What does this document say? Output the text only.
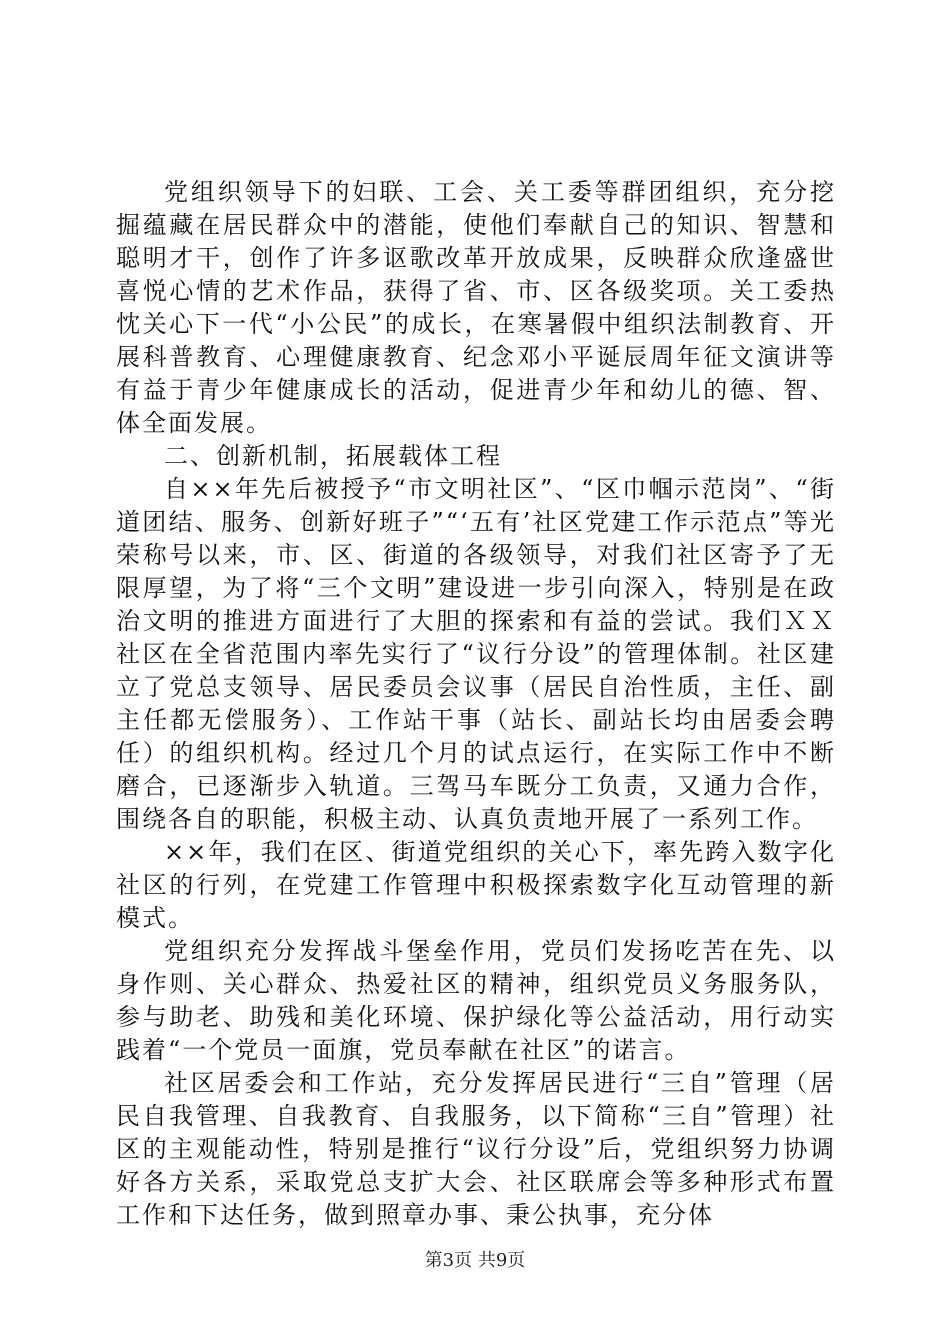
党组织领导下的妇联、工会、关工委等群团组织，充分挖掘蕴藏在居民群众中的潜能，使他们奉献自己的知识、智慧和聪明才干，创作了许多讴歌改革开放成果，反映群众欣逢盛世喜悦心情的艺术作品，获得了省、市、区各级奖项。关工委热忱关心下一代“小公民”的成长，在寒暑假中组织法制教育、开展科普教育、心理健康教育、纪念邓小平诞辰周年征文演讲等有益于青少年健康成长的活动，促进青少年和幼儿的德、智、体全面发展。

二、创新机制，拓展载体工程

自××年先后被授予“市文明社区”、“区巾帼示范岗”、“街道团结、服务、创新好班子”“‘五有’社区党建工作示范点”等光荣称号以来，市、区、街道的各级领导，对我们社区寄予了无限厚望，为了将“三个文明”建设进一步引向深入，特别是在政治文明的推进方面进行了大胆的探索和有益的尝试。我们ＸＸ社区在全省范围内率先实行了“议行分设”的管理体制。社区建立了党总支领导、居民委员会议事（居民自治性质，主任、副主任都无偿服务）、工作站干事（站长、副站长均由居委会聘任）的组织机构。经过几个月的试点运行，在实际工作中不断磨合，已逐渐步入轨道。三驾马车既分工负责，又通力合作，围绕各自的职能，积极主动、认真负责地开展了一系列工作。

××年，我们在区、街道党组织的关心下，率先跨入数字化社区的行列，在党建工作管理中积极探索数字化互动管理的新模式。

党组织充分发挥战斗堡垒作用，党员们发扬吃苦在先、以身作则、关心群众、热爱社区的精神，组织党员义务服务队，参与助老、助残和美化环境、保护绿化等公益活动，用行动实践着“一个党员一面旗，党员奉献在社区”的诺言。

社区居委会和工作站，充分发挥居民进行“三自”管理（居民自我管理、自我教育、自我服务，以下简称“三自”管理）社区的主观能动性，特别是推行“议行分设”后，党组织努力协调好各方关系，采取党总支扩大会、社区联席会等多种形式布置工作和下达任务，做到照章办事、秉公执事，充分体

第3页 共9页
